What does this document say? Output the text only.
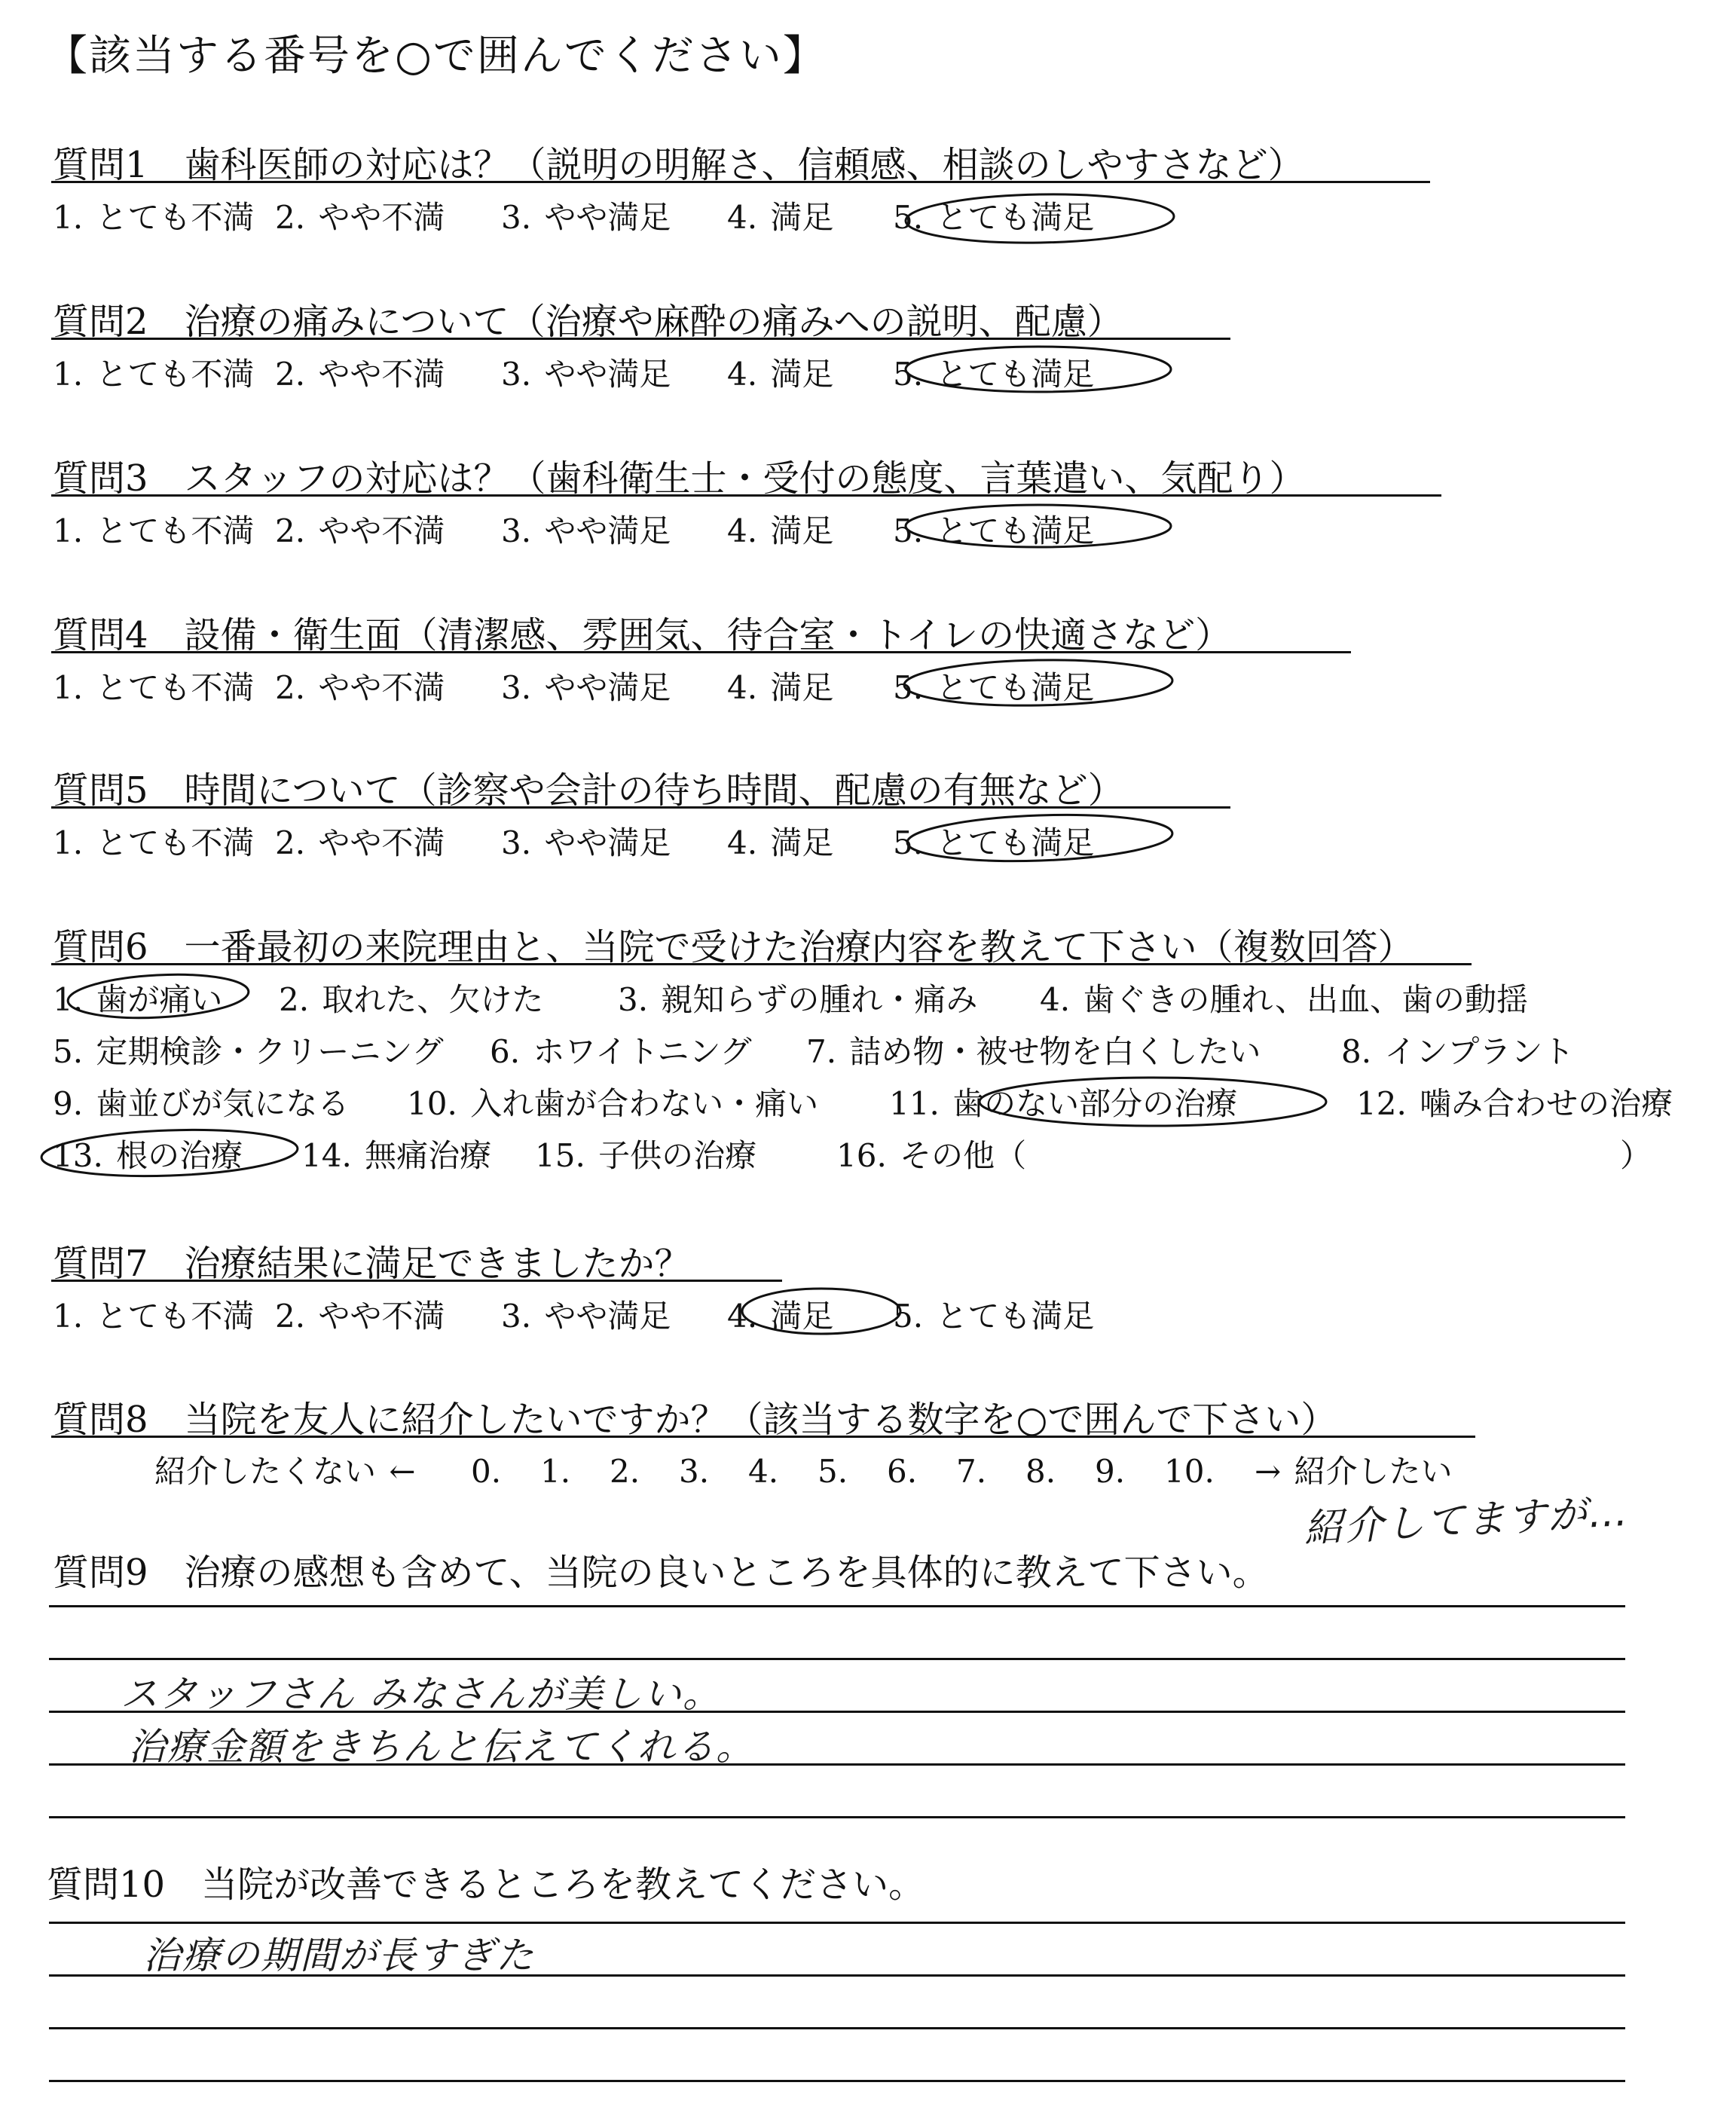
【該当する番号を○で囲んでください】
質問1　歯科医師の対応は？（説明の明解さ、信頼感、相談のしやすさなど）
1. とても不満 2. やや不満 3. やや満足 4. 満足 5. とても満足
質問2　治療の痛みについて（治療や麻酔の痛みへの説明、配慮）
1. とても不満 2. やや不満 3. やや満足 4. 満足 5. とても満足
質問3　スタッフの対応は？（歯科衛生士・受付の態度、言葉遣い、気配り）
1. とても不満 2. やや不満 3. やや満足 4. 満足 5. とても満足
質問4　設備・衛生面（清潔感、雰囲気、待合室・トイレの快適さなど）
1. とても不満 2. やや不満 3. やや満足 4. 満足 5. とても満足
質問5　時間について（診察や会計の待ち時間、配慮の有無など）
1. とても不満 2. やや不満 3. やや満足 4. 満足 5. とても満足
質問6　一番最初の来院理由と、当院で受けた治療内容を教えて下さい（複数回答）
1. 歯が痛い 2. 取れた、欠けた 3. 親知らずの腫れ・痛み 4. 歯ぐきの腫れ、出血、歯の動揺
5. 定期検診・クリーニング 6. ホワイトニング 7. 詰め物・被せ物を白くしたい	8. インプラント
9. 歯並びが気になる 10. 入れ歯が合わない・痛い 11. 歯のない部分の治療	12. 噛み合わせの治療
13. 根の治療 14. 無痛治療 15. 子供の治療	16. その他（	）
質問7　治療結果に満足できましたか？
1. とても不満 2. やや不満 3. やや満足 4. 満足 5. とても満足
質問8　当院を友人に紹介したいですか？（該当する数字を○で囲んで下さい）
紹介したくない ← 0. 1. 2. 3. 4. 5. 6. 7. 8. 9. 10. → 紹介したい
紹介してますが…
質問9　治療の感想も含めて、当院の良いところを具体的に教えて下さい。
スタッフさん みなさんが美しい。
治療金額をきちんと伝えてくれる。
質問10　当院が改善できるところを教えてください。
治療の期間が長すぎた
